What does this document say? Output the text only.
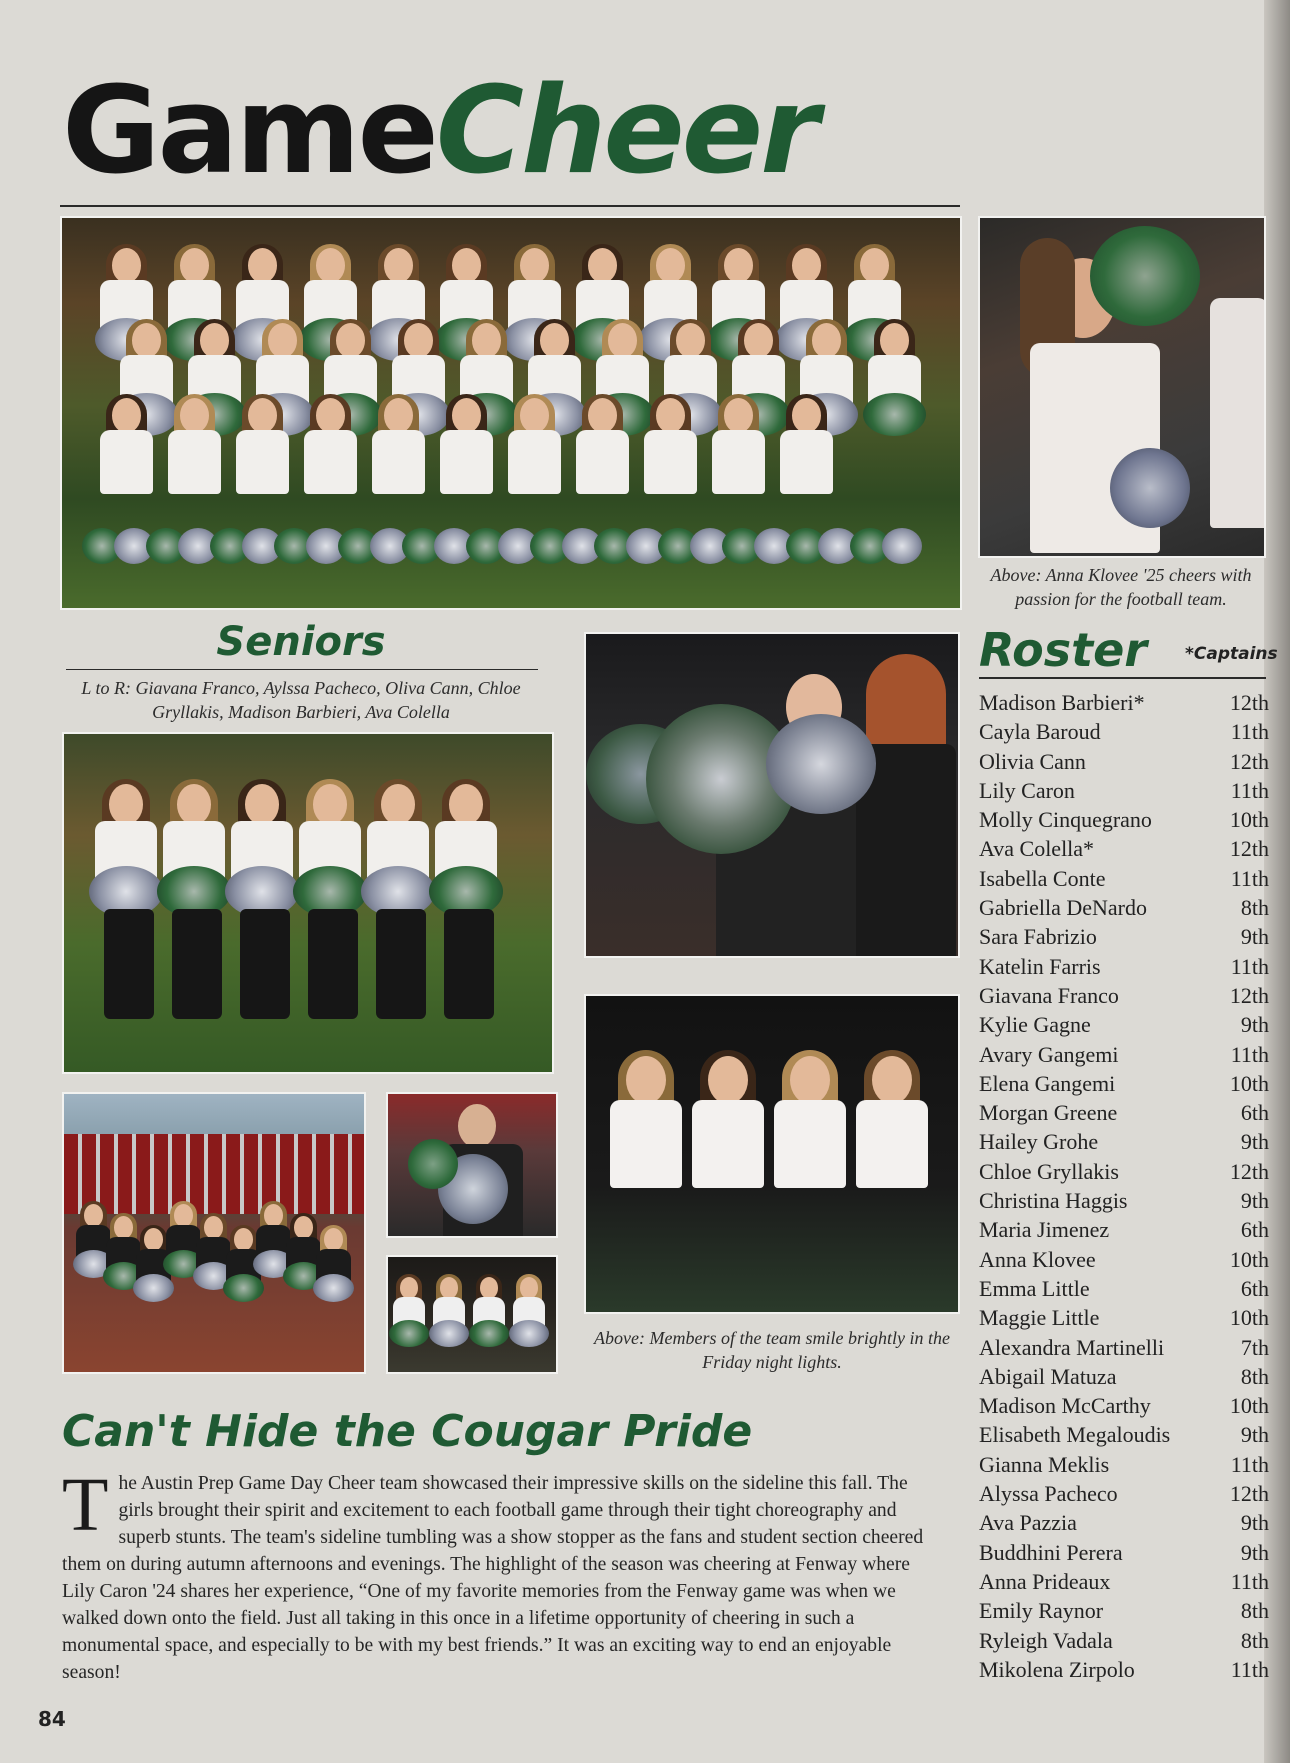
GameCheer
Above: Anna Klovee '25 cheers with passion for the football team.
Seniors
L to R: Giavana Franco, Aylssa Pacheco, Oliva Cann, Chloe Gryllakis, Madison Barbieri, Ava Colella
Above: Members of the team smile brightly in the Friday night lights.
Roster *Captains
Madison Barbieri*	12th
Cayla Baroud	11th
Olivia Cann	12th
Lily Caron	11th
Molly Cinquegrano	10th
Ava Colella*	12th
Isabella Conte	11th
Gabriella DeNardo	8th
Sara Fabrizio	9th
Katelin Farris	11th
Giavana Franco	12th
Kylie Gagne	9th
Avary Gangemi	11th
Elena Gangemi	10th
Morgan Greene	6th
Hailey Grohe	9th
Chloe Gryllakis	12th
Christina Haggis	9th
Maria Jimenez	6th
Anna Klovee	10th
Emma Little	6th
Maggie Little	10th
Alexandra Martinelli	7th
Abigail Matuza	8th
Madison McCarthy	10th
Elisabeth Megaloudis	9th
Gianna Meklis	11th
Alyssa Pacheco	12th
Ava Pazzia	9th
Buddhini Perera	9th
Anna Prideaux	11th
Emily Raynor	8th
Ryleigh Vadala	8th
Mikolena Zirpolo	11th
Can't Hide the Cougar Pride

The Austin Prep Game Day Cheer team showcased their impressive skills on the sideline this fall. The girls brought their spirit and excitement to each football game through their tight choreography and superb stunts. The team's sideline tumbling was a show stopper as the fans and student section cheered them on during autumn afternoons and evenings. The highlight of the season was cheering at Fenway where Lily Caron '24 shares her experience, “One of my favorite memories from the Fenway game was when we walked down onto the field. Just all taking in this once in a lifetime opportunity of cheering in such a monumental space, and especially to be with my best friends.” It was an exciting way to end an enjoyable season!

84
